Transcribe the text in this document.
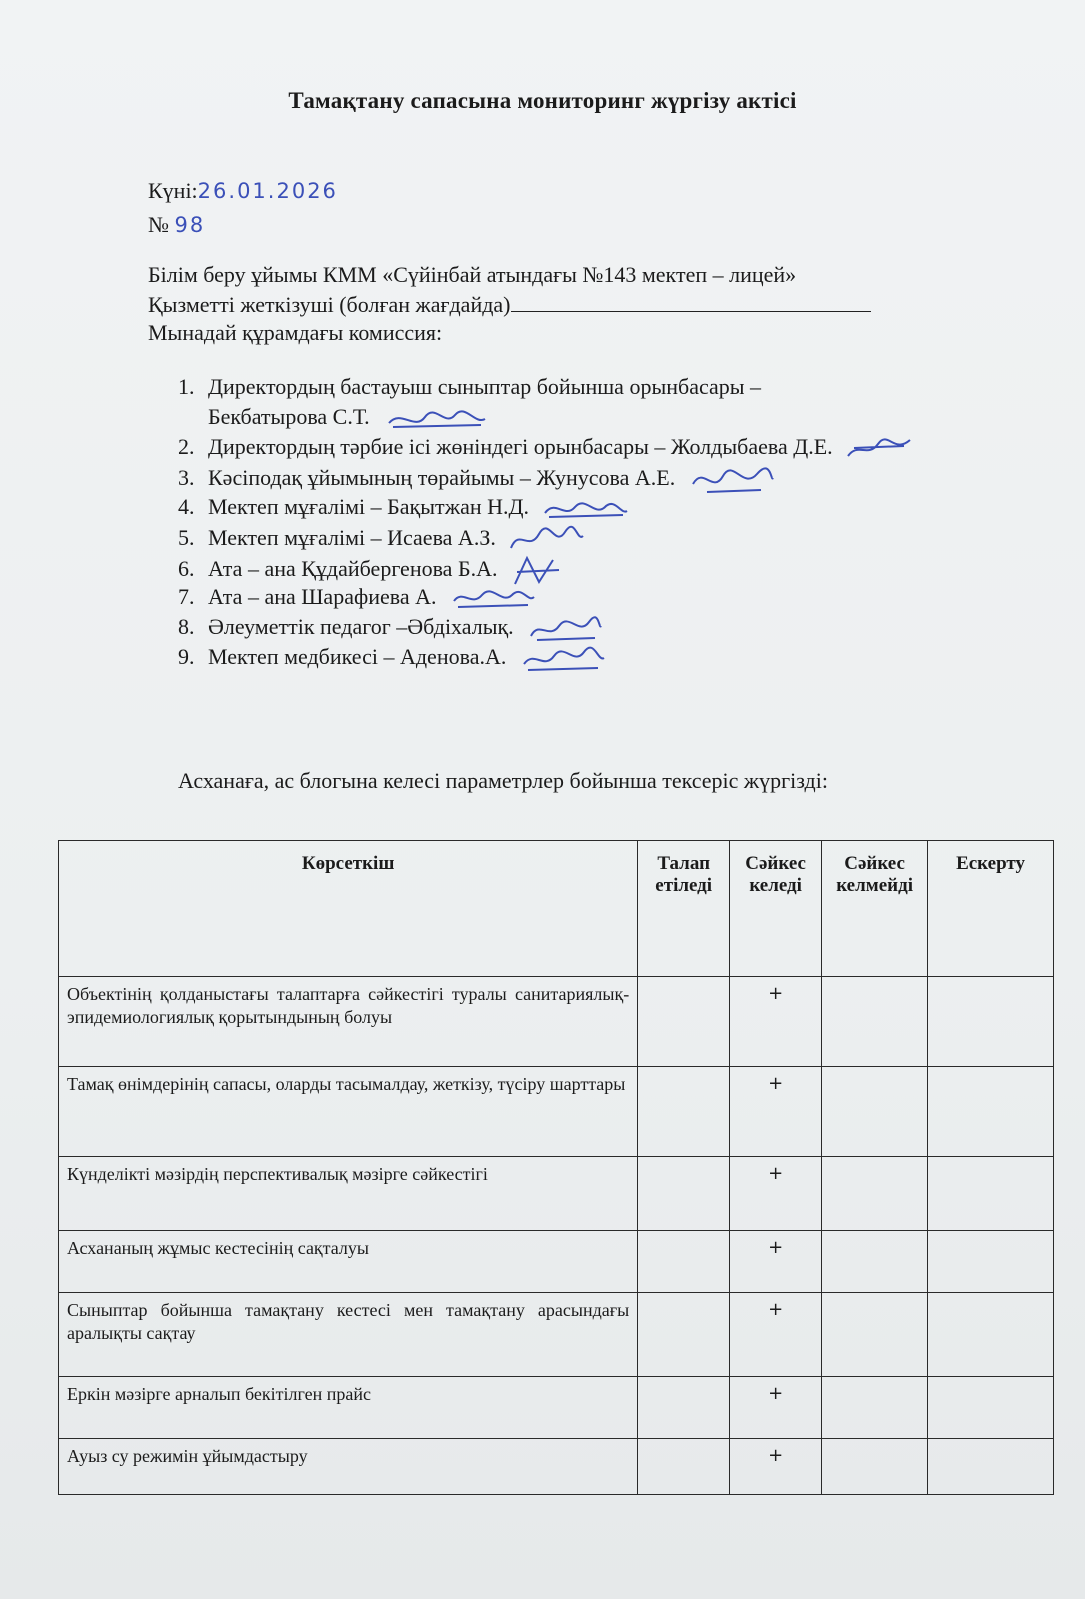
Тамақтану сапасына мониторинг жүргізу актісі
Күні:26.01.2026
№ 98
Білім беру ұйымы КММ «Сүйінбай атындағы №143 мектеп – лицей»
Қызметті жеткізуші (болған жағдайда)
Мынадай құрамдағы комиссия:
1. Директордың бастауыш сыныптар бойынша орынбасары –
Бекбатырова С.Т.
2. Директордың тәрбие ісі жөніндегі орынбасары – Жолдыбаева Д.Е.
3. Кәсіподақ ұйымының төрайымы – Жунусова А.Е.
4. Мектеп мұғалімі – Бақытжан Н.Д.
5. Мектеп мұғалімі – Исаева А.З.
6. Ата – ана Құдайбергенова Б.А.
7. Ата – ана Шарафиева А.
8. Әлеуметтік педагог –Әбдіхалық.
9. Мектеп медбикесі – Аденова.А.
Асханаға, ас блогына келесі параметрлер бойынша тексеріс жүргізді:
Көрсеткіш	Талап етіледі	Сәйкес келеді	Сәйкес келмейді	Ескерту
Объектінің қолданыстағы талаптарға сәйкестігі туралы санитариялық-эпидемиологиялық қорытындының болуы		+		
Тамақ өнімдерінің сапасы, оларды тасымалдау, жеткізу, түсіру шарттары		+		
Күнделікті мәзірдің перспективалық мәзірге сәйкестігі		+		
Асхананың жұмыс кестесінің сақталуы		+		
Сыныптар бойынша тамақтану кестесі мен тамақтану арасындағы аралықты сақтау		+		
Еркін мәзірге арналып бекітілген прайс		+		
Ауыз су режимін ұйымдастыру		+		
